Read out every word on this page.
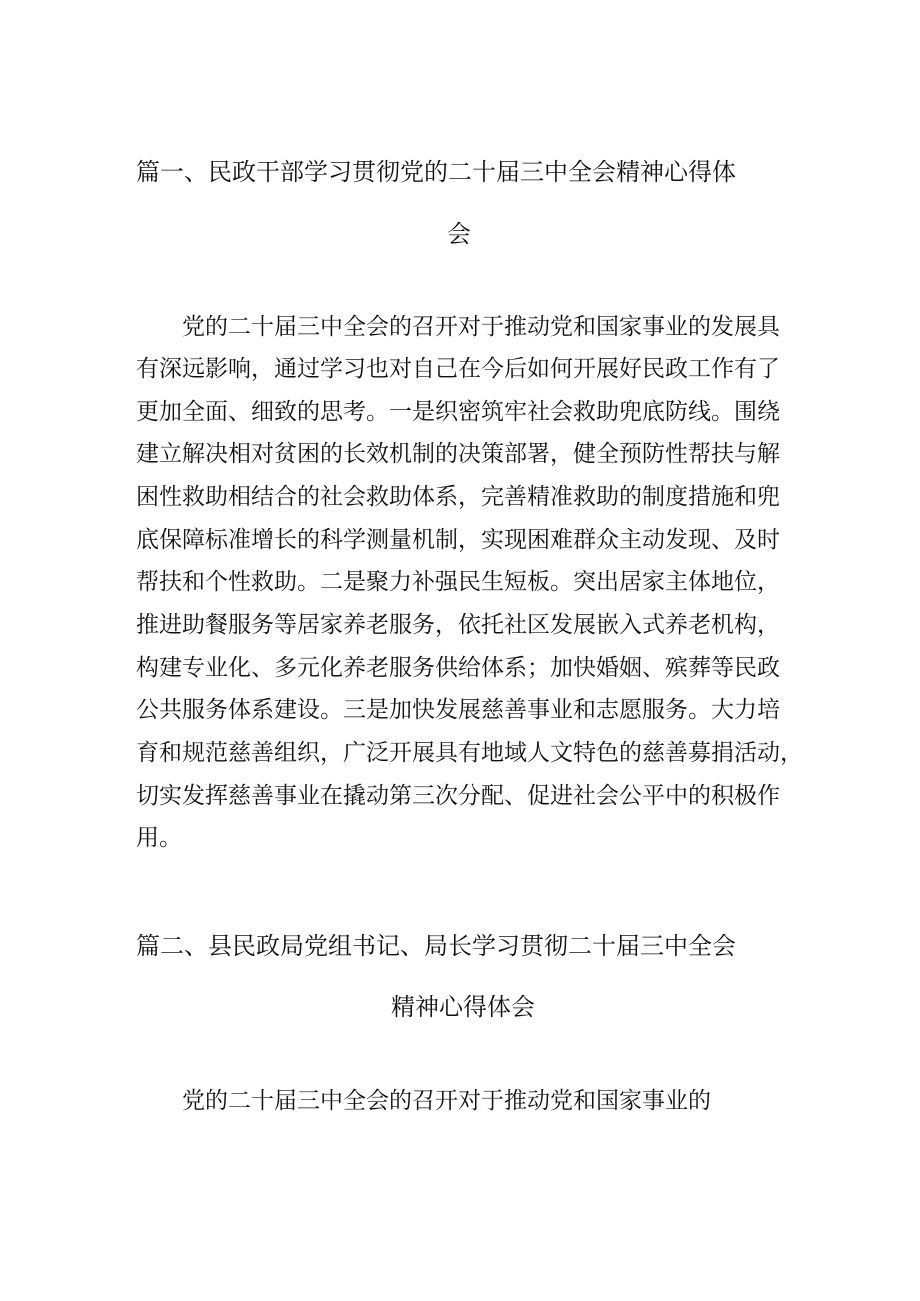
篇一、民政干部学习贯彻党的二十届三中全会精神心得体
会
党的二十届三中全会的召开对于推动党和国家事业的发展具
有深远影响，通过学习也对自己在今后如何开展好民政工作有了
更加全面、细致的思考。一是织密筑牢社会救助兜底防线。围绕
建立解决相对贫困的长效机制的决策部署，健全预防性帮扶与解
困性救助相结合的社会救助体系，完善精准救助的制度措施和兜
底保障标准增长的科学测量机制，实现困难群众主动发现、及时
帮扶和个性救助。二是聚力补强民生短板。突出居家主体地位，
推进助餐服务等居家养老服务，依托社区发展嵌入式养老机构，
构建专业化、多元化养老服务供给体系；加快婚姻、殡葬等民政
公共服务体系建设。三是加快发展慈善事业和志愿服务。大力培
育和规范慈善组织，广泛开展具有地域人文特色的慈善募捐活动，
切实发挥慈善事业在撬动第三次分配、促进社会公平中的积极作
用。
篇二、县民政局党组书记、局长学习贯彻二十届三中全会
精神心得体会
党的二十届三中全会的召开对于推动党和国家事业的
